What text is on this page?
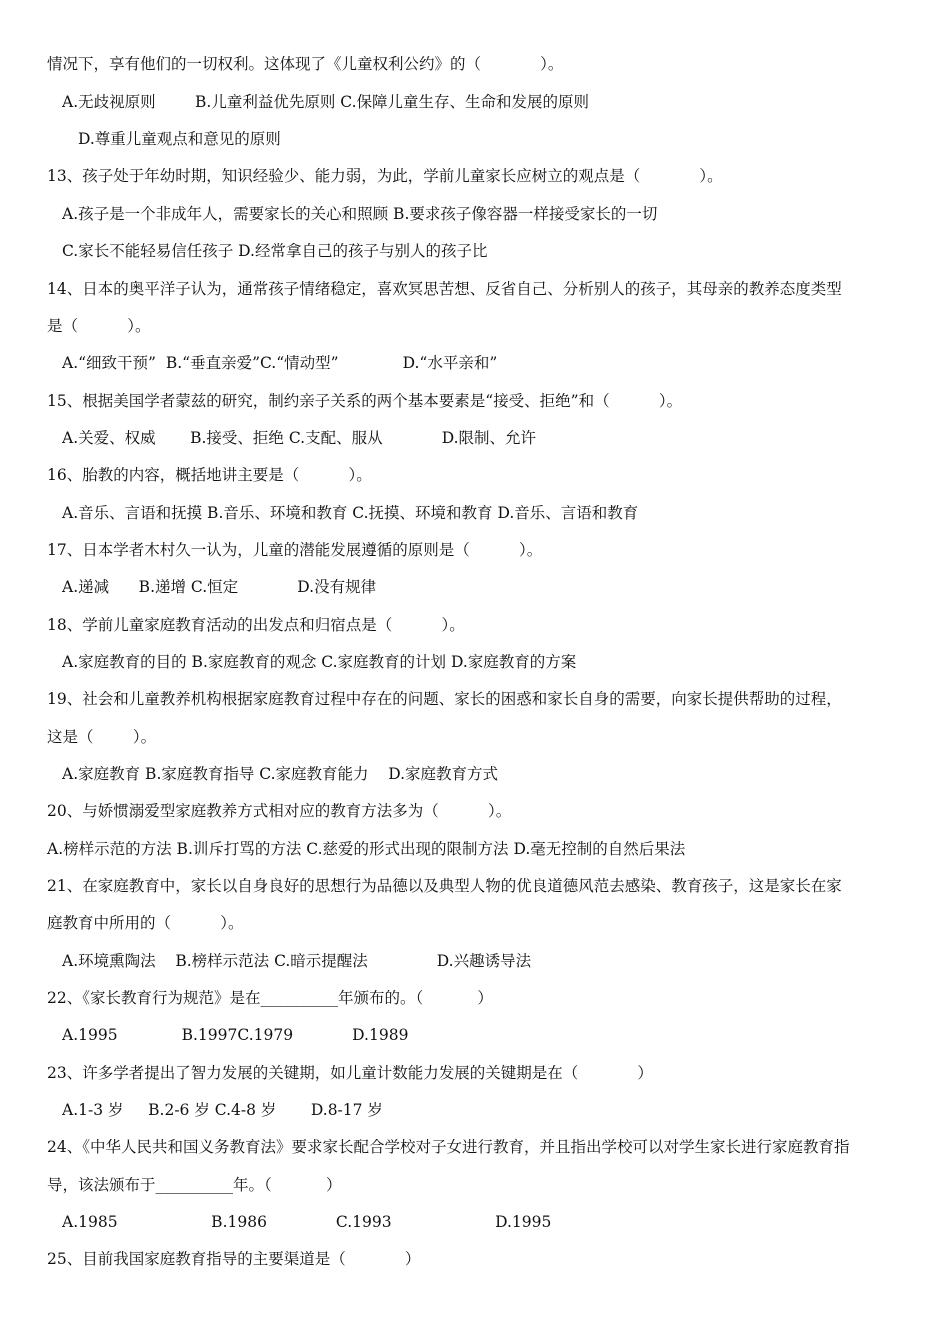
情况下，享有他们的一切权利。这体现了《儿童权利公约》的（            ）。
A.无歧视原则        B.儿童利益优先原则 C.保障儿童生存、生命和发展的原则
D.尊重儿童观点和意见的原则
13、孩子处于年幼时期，知识经验少、能力弱，为此，学前儿童家长应树立的观点是（            ）。
A.孩子是一个非成年人，需要家长的关心和照顾 B.要求孩子像容器一样接受家长的一切
C.家长不能轻易信任孩子 D.经常拿自己的孩子与别人的孩子比
14、日本的奥平洋子认为，通常孩子情绪稳定，喜欢冥思苦想、反省自己、分析别人的孩子，其母亲的教养态度类型
是（          ）。
A.“细致干预”  B.“垂直亲爱”C.“情动型”             D.“水平亲和”
15、根据美国学者蒙兹的研究，制约亲子关系的两个基本要素是“接受、拒绝”和（          ）。
A.关爱、权威       B.接受、拒绝 C.支配、服从            D.限制、允许
16、胎教的内容，概括地讲主要是（          ）。
A.音乐、言语和抚摸 B.音乐、环境和教育 C.抚摸、环境和教育 D.音乐、言语和教育
17、日本学者木村久一认为，儿童的潜能发展遵循的原则是（          ）。
A.递减      B.递增 C.恒定            D.没有规律
18、学前儿童家庭教育活动的出发点和归宿点是（          ）。
A.家庭教育的目的 B.家庭教育的观念 C.家庭教育的计划 D.家庭教育的方案
19、社会和儿童教养机构根据家庭教育过程中存在的问题、家长的困惑和家长自身的需要，向家长提供帮助的过程，
这是（        ）。
A.家庭教育 B.家庭教育指导 C.家庭教育能力    D.家庭教育方式
20、与娇惯溺爱型家庭教养方式相对应的教育方法多为（          ）。
A.榜样示范的方法 B.训斥打骂的方法 C.慈爱的形式出现的限制方法 D.毫无控制的自然后果法
21、在家庭教育中，家长以自身良好的思想行为品德以及典型人物的优良道德风范去感染、教育孩子，这是家长在家
庭教育中所用的（          ）。
A.环境熏陶法    B.榜样示范法 C.暗示提醒法              D.兴趣诱导法
22、《家长教育行为规范》是在__________年颁布的。（           ）
A.1995             B.1997C.1979            D.1989
23、许多学者提出了智力发展的关键期，如儿童计数能力发展的关键期是在（            ）
A.1-3 岁     B.2-6 岁 C.4-8 岁       D.8-17 岁
24、《中华人民共和国义务教育法》要求家长配合学校对子女进行教育，并且指出学校可以对学生家长进行家庭教育指
导，该法颁布于__________年。（           ）
A.1985                   B.1986              C.1993                     D.1995
25、目前我国家庭教育指导的主要渠道是（            ）
